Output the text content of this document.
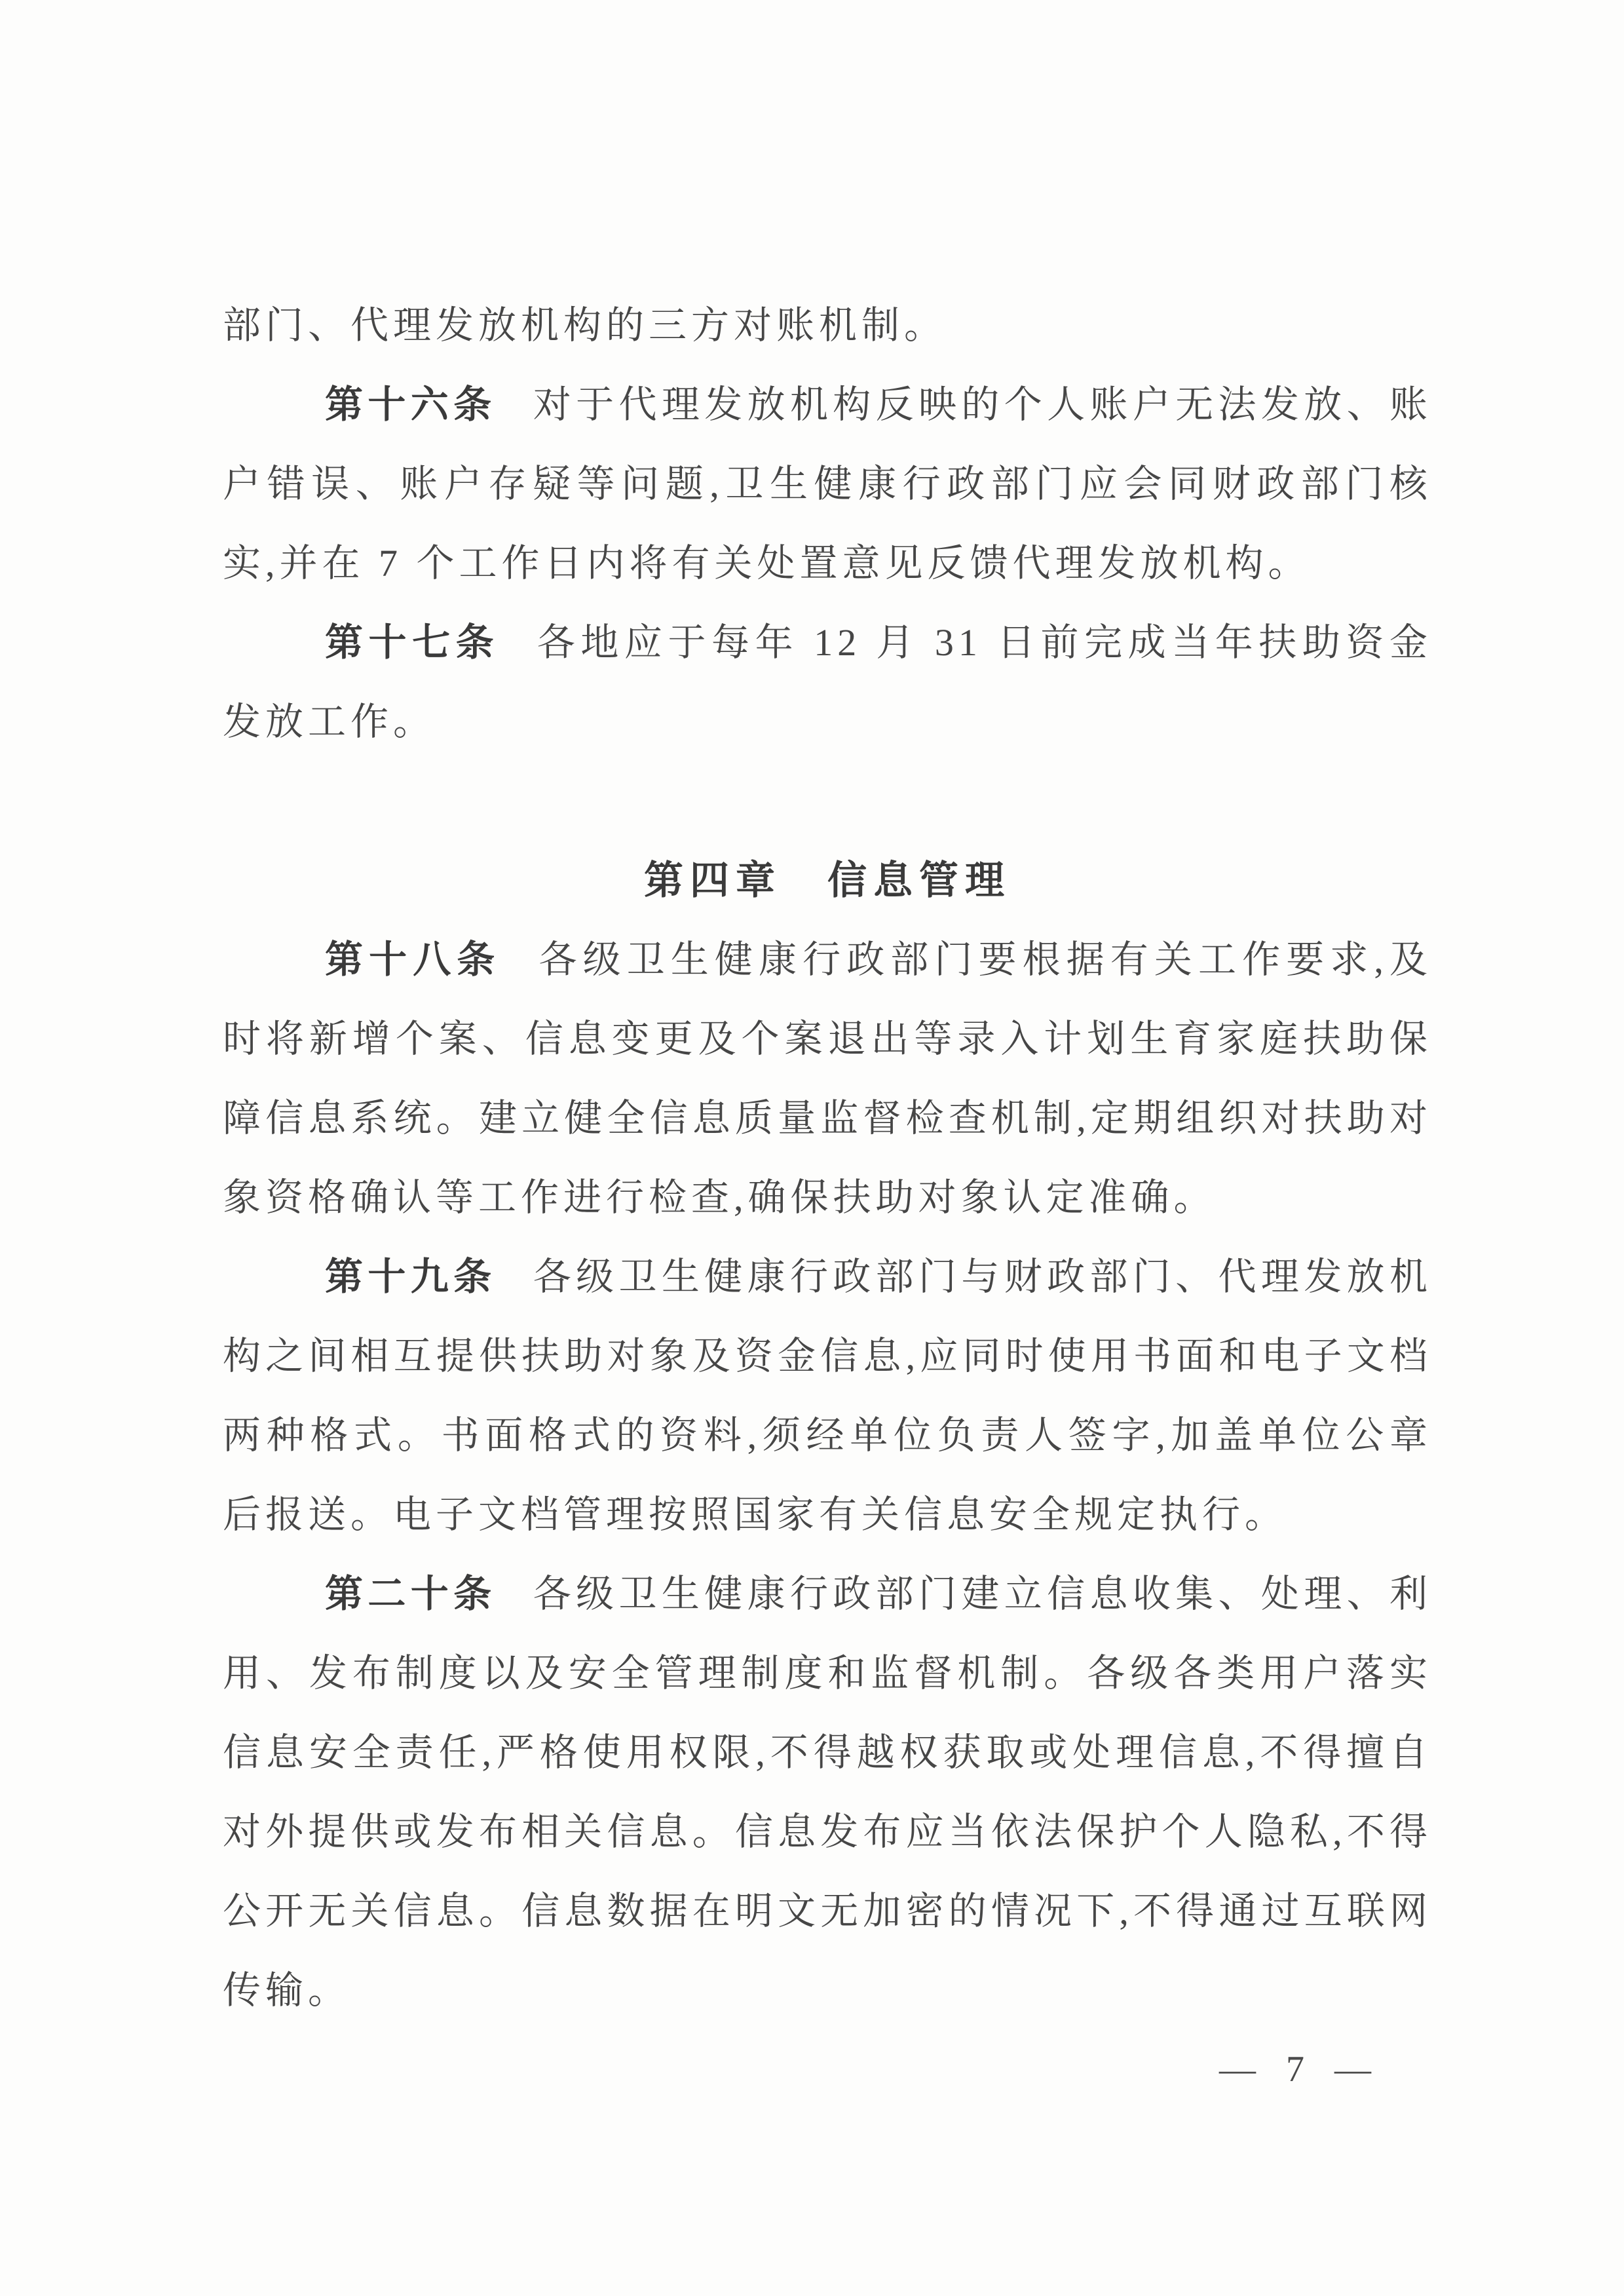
部门、代理发放机构的三方对账机制。

第十六条 对于代理发放机构反映的个人账户无法发放、账户错误、账户存疑等问题,卫生健康行政部门应会同财政部门核实,并在 7 个工作日内将有关处置意见反馈代理发放机构。

第十七条 各地应于每年 12 月 31 日前完成当年扶助资金发放工作。

第四章　信息管理

第十八条 各级卫生健康行政部门要根据有关工作要求,及时将新增个案、信息变更及个案退出等录入计划生育家庭扶助保障信息系统。建立健全信息质量监督检查机制,定期组织对扶助对象资格确认等工作进行检查,确保扶助对象认定准确。

第十九条 各级卫生健康行政部门与财政部门、代理发放机构之间相互提供扶助对象及资金信息,应同时使用书面和电子文档两种格式。书面格式的资料,须经单位负责人签字,加盖单位公章后报送。电子文档管理按照国家有关信息安全规定执行。

第二十条 各级卫生健康行政部门建立信息收集、处理、利用、发布制度以及安全管理制度和监督机制。各级各类用户落实信息安全责任,严格使用权限,不得越权获取或处理信息,不得擅自对外提供或发布相关信息。信息发布应当依法保护个人隐私,不得公开无关信息。信息数据在明文无加密的情况下,不得通过互联网传输。

— 7 —
